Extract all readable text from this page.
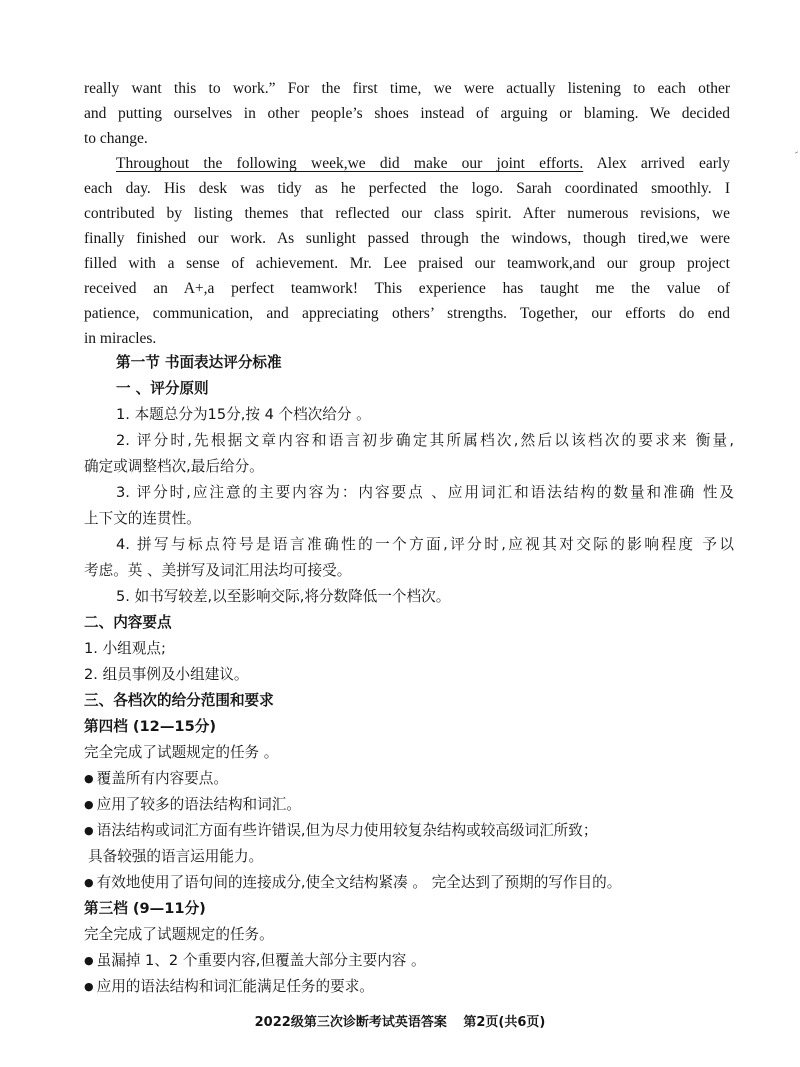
really want this to work.” For the first time, we were actually listening to each other
and putting ourselves in other people’s shoes instead of arguing or blaming. We decided
to change.
Throughout the following week,we did make our joint efforts. Alex arrived early
each day. His desk was tidy as he perfected the logo. Sarah coordinated smoothly. I
contributed by listing themes that reflected our class spirit. After numerous revisions, we
finally finished our work. As sunlight passed through the windows, though tired,we were
filled with a sense of achievement. Mr. Lee praised our teamwork,and our group project
received an A+,a perfect teamwork! This experience has taught me the value of
patience, communication, and appreciating others’ strengths. Together, our efforts do end
in miracles.
第一节 书面表达评分标准
一 、评分原则
1. 本题总分为15分,按 4 个档次给分 。
2. 评分时,先根据文章内容和语言初步确定其所属档次,然后以该档次的要求来 衡量,
确定或调整档次,最后给分。
3. 评分时,应注意的主要内容为：内容要点 、应用词汇和语法结构的数量和准确 性及
上下文的连贯性。
4. 拼写与标点符号是语言准确性的一个方面,评分时,应视其对交际的影响程度 予以
考虑。英 、美拼写及词汇用法均可接受。
5. 如书写较差,以至影响交际,将分数降低一个档次。
二、内容要点
1. 小组观点;
2. 组员事例及小组建议。
三、各档次的给分范围和要求
第四档 (12—15分)
完全完成了试题规定的任务 。
● 覆盖所有内容要点。
● 应用了较多的语法结构和词汇。
● 语法结构或词汇方面有些许错误,但为尽力使用较复杂结构或较高级词汇所致；
具备较强的语言运用能力。
● 有效地使用了语句间的连接成分,使全文结构紧凑 。 完全达到了预期的写作目的。
第三档 (9—11分)
完全完成了试题规定的任务。
● 虽漏掉 1、2 个重要内容,但覆盖大部分主要内容 。
● 应用的语法结构和词汇能满足任务的要求。
2022级第三次诊断考试英语答案 第2页(共6页)
